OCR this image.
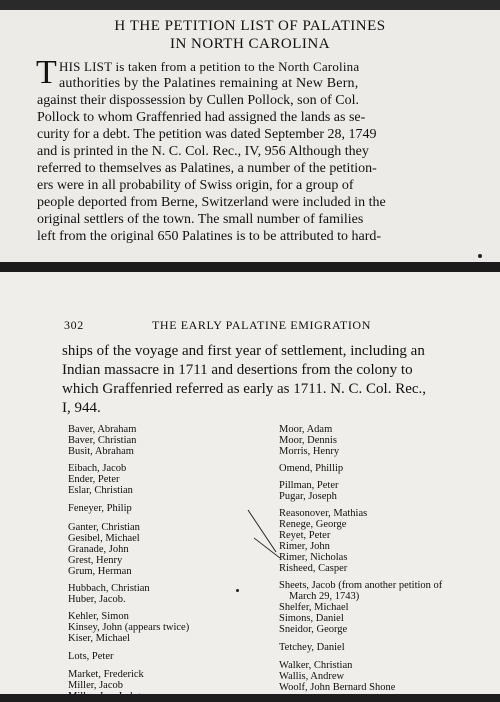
H THE PETITION LIST OF PALATINES
IN NORTH CAROLINA
T HIS LIST is taken from a petition to the North Carolina
authorities by the Palatines remaining at New Bern,
against their dispossession by Cullen Pollock, son of Col.
Pollock to whom Graffenried had assigned the lands as se-
curity for a debt. The petition was dated September 28, 1749
and is printed in the N. C. Col. Rec., IV, 956 Although they
referred to themselves as Palatines, a number of the petition-
ers were in all probability of Swiss origin, for a group of
people deported from Berne, Switzerland were included in the
original settlers of the town. The small number of families
left from the original 650 Palatines is to be attributed to hard-
302	THE EARLY PALATINE EMIGRATION
ships of the voyage and first year of settlement, including an
Indian massacre in 1711 and desertions from the colony to
which Graffenried referred as early as 1711. N. C. Col. Rec.,
I, 944.
Baver, Abraham
Baver, Christian
Busit, Abraham
Eibach, Jacob
Ender, Peter
Eslar, Christian
Feneyer, Philip
Ganter, Christian
Gesibel, Michael
Granade, John
Grest, Henry
Grum, Herman
Hubbach, Christian
Huber, Jacob.
Kehler, Simon
Kinsey, John (appears twice)
Kiser, Michael
Lots, Peter
Market, Frederick
Miller, Jacob
Moor, Adam
Moor, Dennis
Morris, Henry
Omend, Phillip
Pillman, Peter
Pugar, Joseph
Reasonover, Mathias
Renege, George
Reyet, Peter
Rimer, John
Rimer, Nicholas
Risheed, Casper
Sheets, Jacob (from another petition of
March 29, 1743)
Shelfer, Michael
Simons, Daniel
Sneidor, George
Tetchey, Daniel
Walker, Christian
Wallis, Andrew
Woolf, John Bernard Shone
